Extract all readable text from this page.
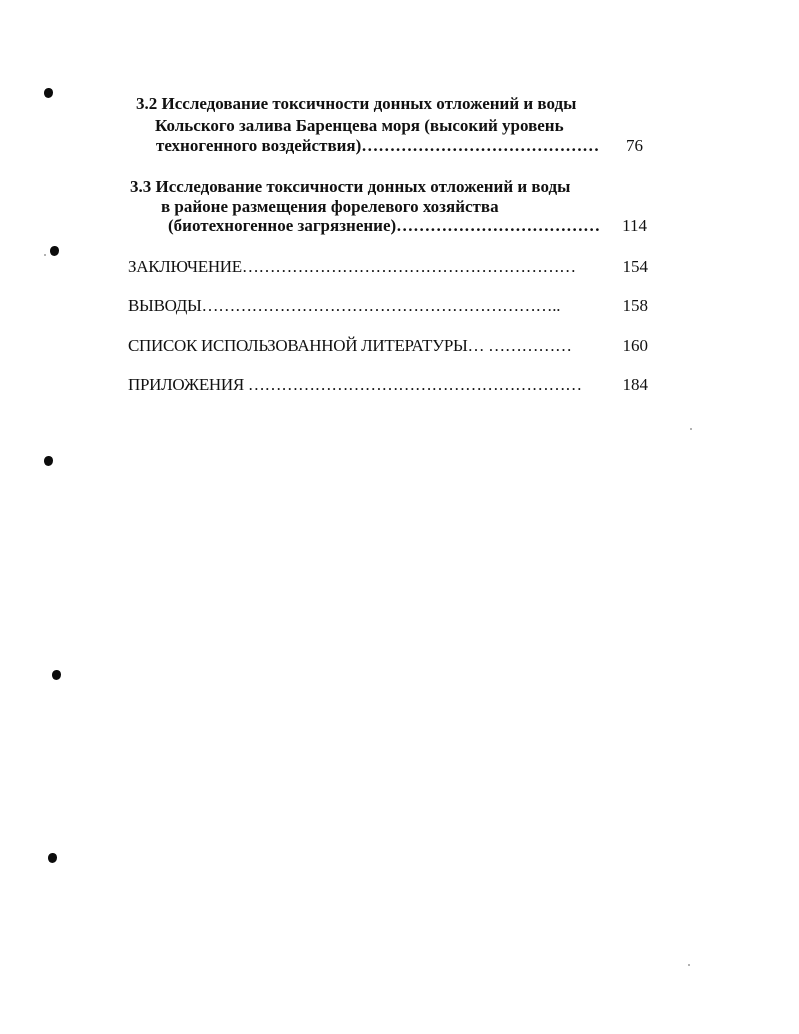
3.2 Исследование токсичности донных отложений и воды
Кольского залива Баренцева моря (высокий уровень
техногенного воздействия)……………………………………	76
3.3 Исследование токсичности донных отложений и воды
в районе размещения форелевого хозяйства
(биотехногенное загрязнение)………………………………	114
ЗАКЛЮЧЕНИЕ……………………………………………………	154
ВЫВОДЫ………………………………………………………..	158
СПИСОК ИСПОЛЬЗОВАННОЙ ЛИТЕРАТУРЫ… ……………	160
ПРИЛОЖЕНИЯ ……………………………………………………	184
